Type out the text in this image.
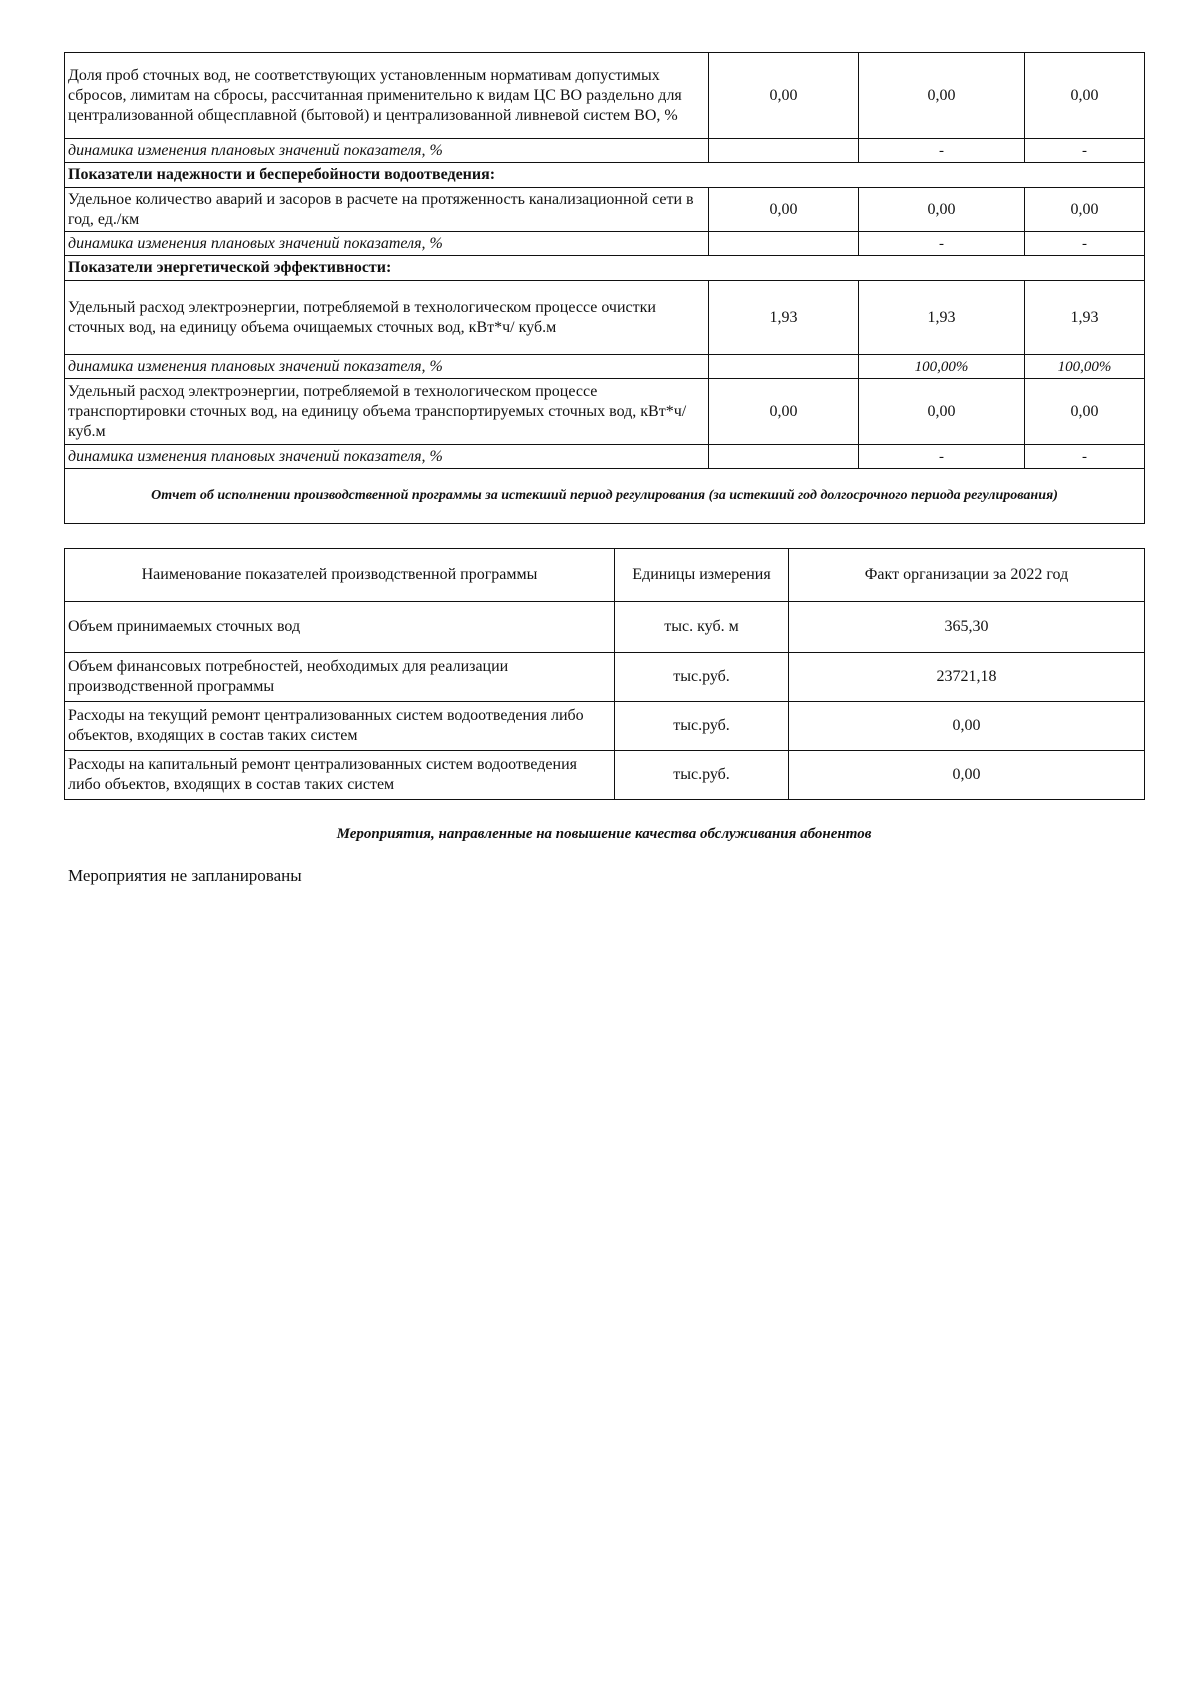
Доля проб сточных вод, не соответствующих установленным нормативам допустимых сбросов, лимитам на сбросы, рассчитанная применительно к видам ЦС ВО раздельно для централизованной общесплавной (бытовой) и централизованной ливневой систем ВО, %	0,00	0,00	0,00
динамика изменения плановых значений показателя, %		-	-
Показатели надежности и бесперебойности водоотведения:			
Удельное количество аварий и засоров в расчете на протяженность канализационной сети в год, ед./км	0,00	0,00	0,00
динамика изменения плановых значений показателя, %		-	-
Показатели энергетической эффективности:			
Удельный расход электроэнергии, потребляемой в технологическом процессе очистки сточных вод, на единицу объема очищаемых сточных вод, кВт*ч/ куб.м	1,93	1,93	1,93
динамика изменения плановых значений показателя, %		100,00%	100,00%
Удельный расход электроэнергии, потребляемой в технологическом процессе транспортировки сточных вод, на единицу объема транспортируемых сточных вод, кВт*ч/ куб.м	0,00	0,00	0,00
динамика изменения плановых значений показателя, %		-	-
Отчет об исполнении производственной программы за истекший период регулирования (за истекший год долгосрочного периода регулирования)			
Наименование показателей производственной программы	Единицы измерения	Факт организации за 2022 год
Объем принимаемых сточных вод	тыс. куб. м	365,30
Объем финансовых потребностей, необходимых для реализации производственной программы	тыс.руб.	23721,18
Расходы на текущий ремонт централизованных систем водоотведения либо объектов, входящих в состав таких систем	тыс.руб.	0,00
Расходы на капитальный ремонт централизованных систем водоотведения либо объектов, входящих в состав таких систем	тыс.руб.	0,00
Мероприятия, направленные на повышение качества обслуживания абонентов
Мероприятия не запланированы
